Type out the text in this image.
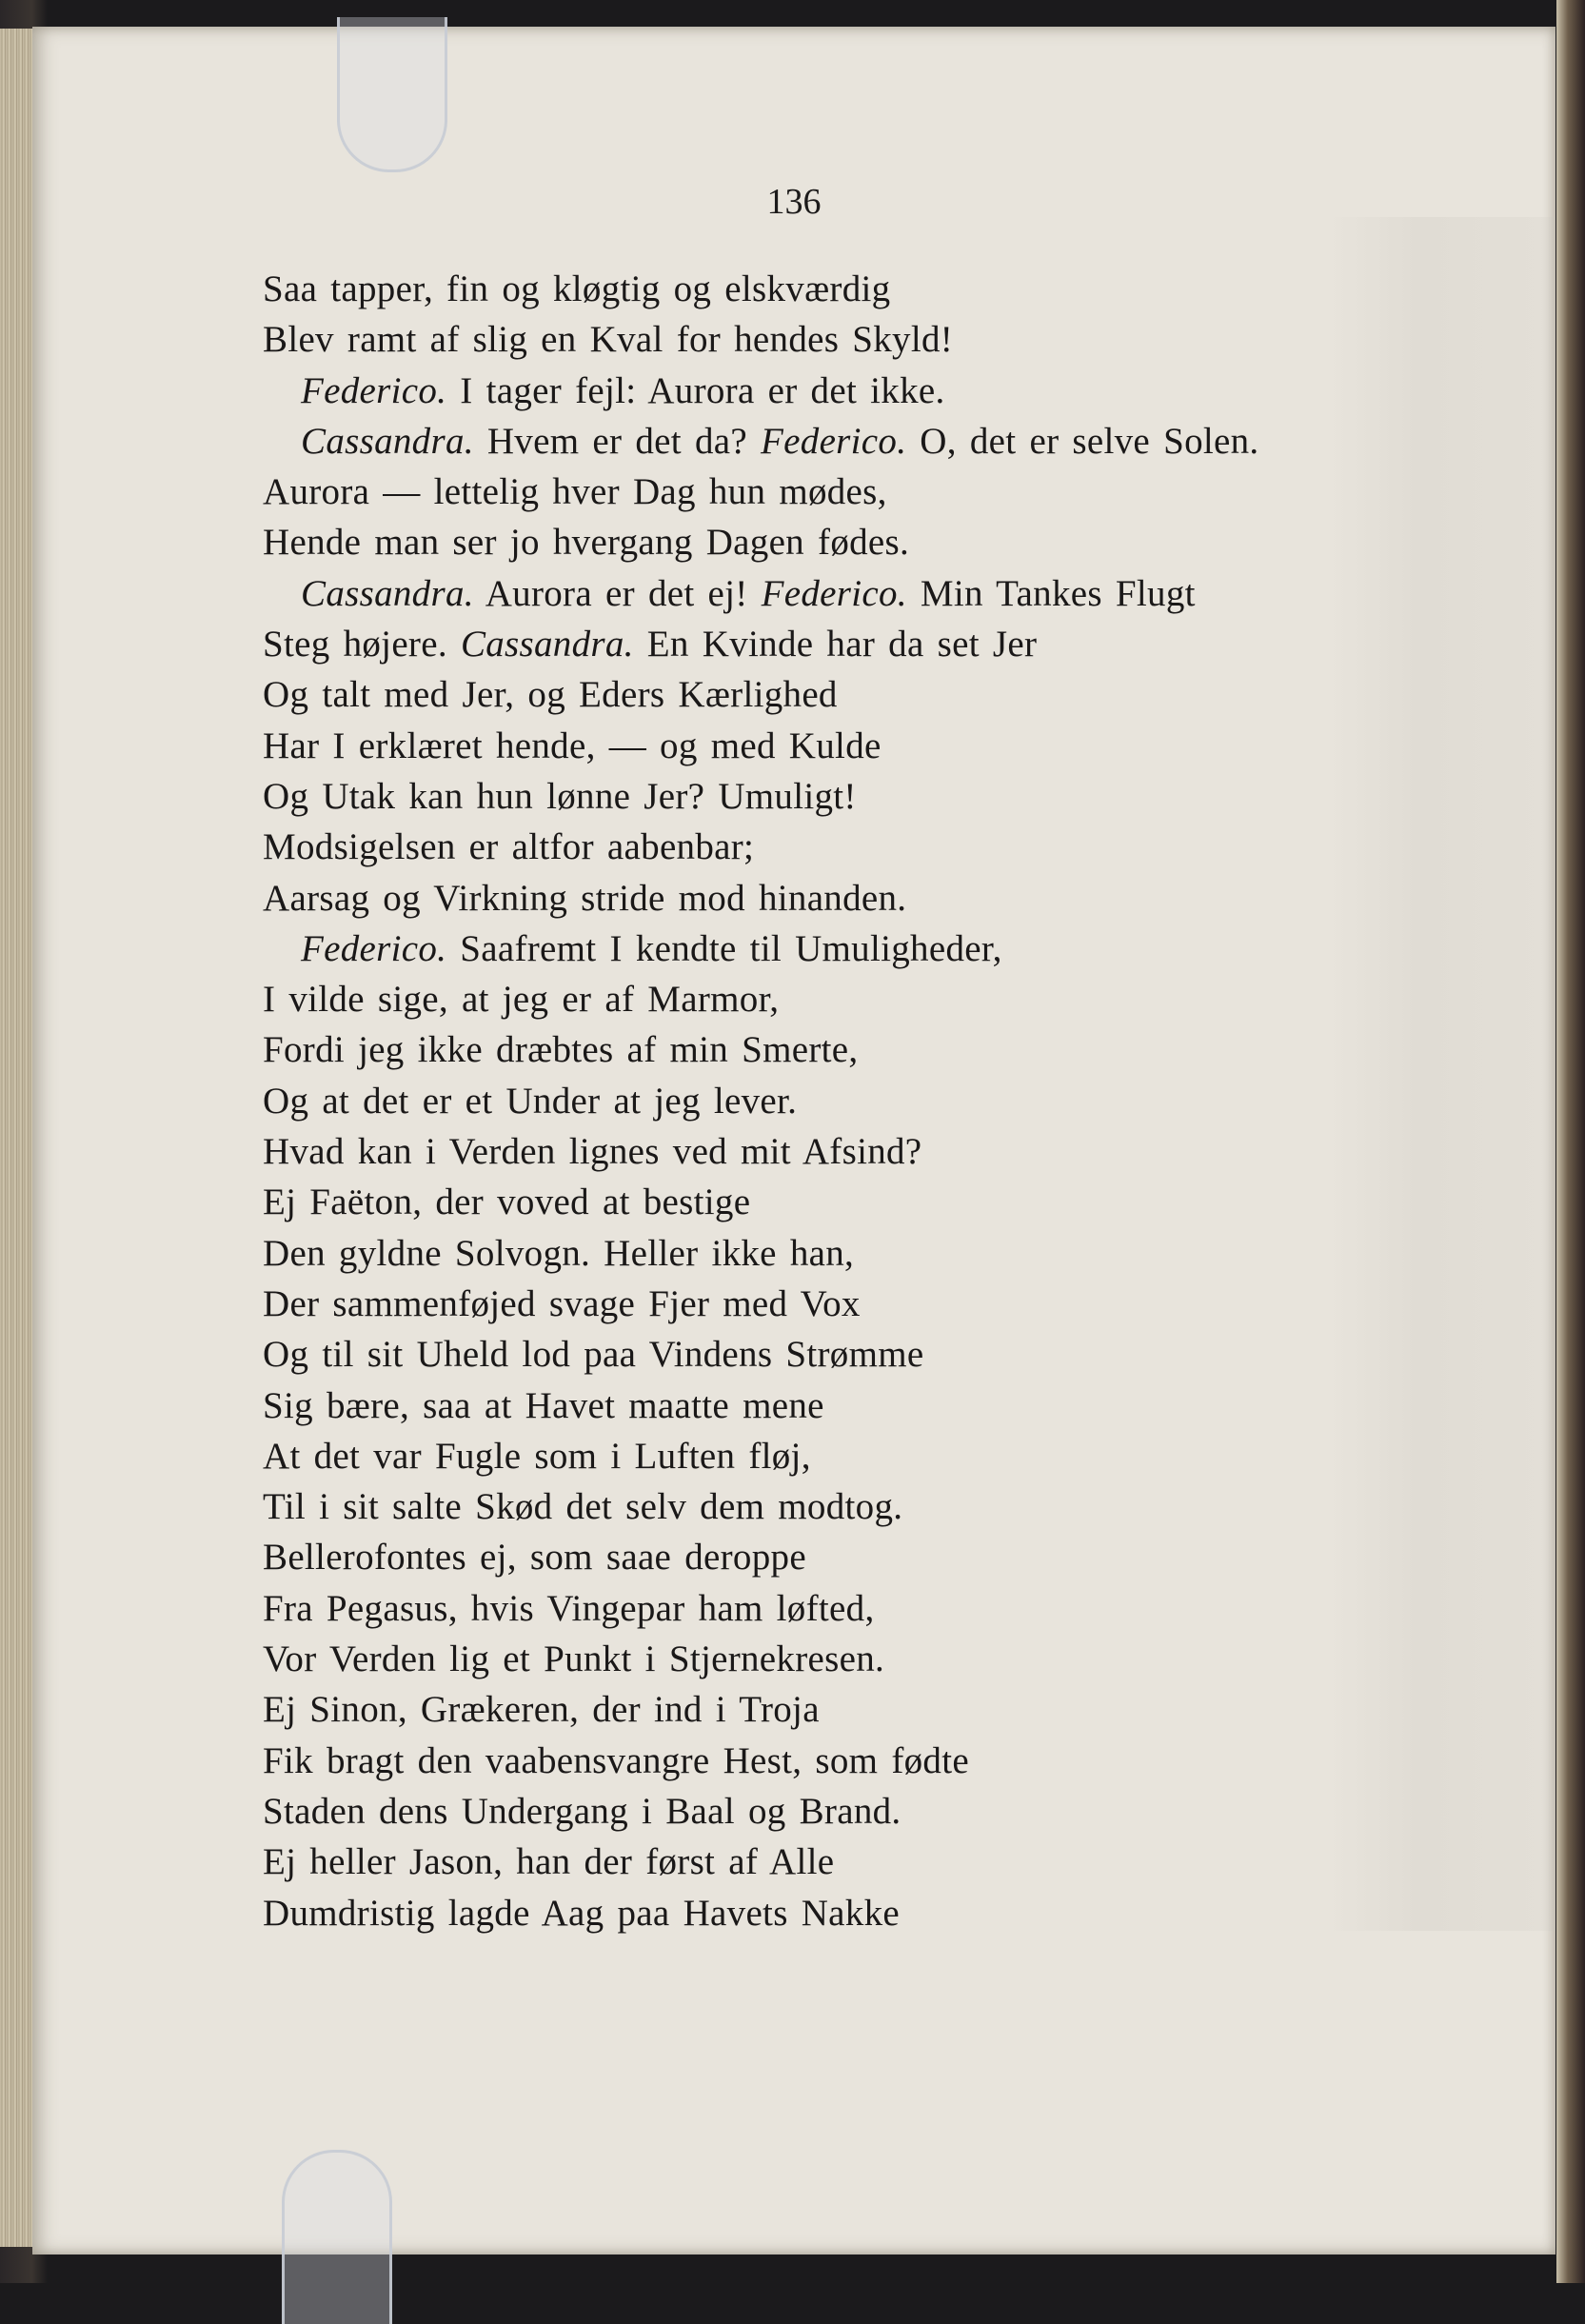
136

Saa tapper, fin og kløgtig og elskværdig
Blev ramt af slig en Kval for hendes Skyld!
Federico. I tager fejl: Aurora er det ikke.
Cassandra. Hvem er det da? Federico. O, det er selve Solen.
Aurora — lettelig hver Dag hun mødes,
Hende man ser jo hvergang Dagen fødes.
Cassandra. Aurora er det ej! Federico. Min Tankes Flugt
Steg højere. Cassandra. En Kvinde har da set Jer
Og talt med Jer, og Eders Kærlighed
Har I erklæret hende, — og med Kulde
Og Utak kan hun lønne Jer? Umuligt!
Modsigelsen er altfor aabenbar;
Aarsag og Virkning stride mod hinanden.
Federico. Saafremt I kendte til Umuligheder,
I vilde sige, at jeg er af Marmor,
Fordi jeg ikke dræbtes af min Smerte,
Og at det er et Under at jeg lever.
Hvad kan i Verden lignes ved mit Afsind?
Ej Faëton, der voved at bestige
Den gyldne Solvogn. Heller ikke han,
Der sammenføjed svage Fjer med Vox
Og til sit Uheld lod paa Vindens Strømme
Sig bære, saa at Havet maatte mene
At det var Fugle som i Luften fløj,
Til i sit salte Skød det selv dem modtog.
Bellerofontes ej, som saae deroppe
Fra Pegasus, hvis Vingepar ham løfted,
Vor Verden lig et Punkt i Stjernekresen.
Ej Sinon, Grækeren, der ind i Troja
Fik bragt den vaabensvangre Hest, som fødte
Staden dens Undergang i Baal og Brand.
Ej heller Jason, han der først af Alle
Dumdristig lagde Aag paa Havets Nakke
